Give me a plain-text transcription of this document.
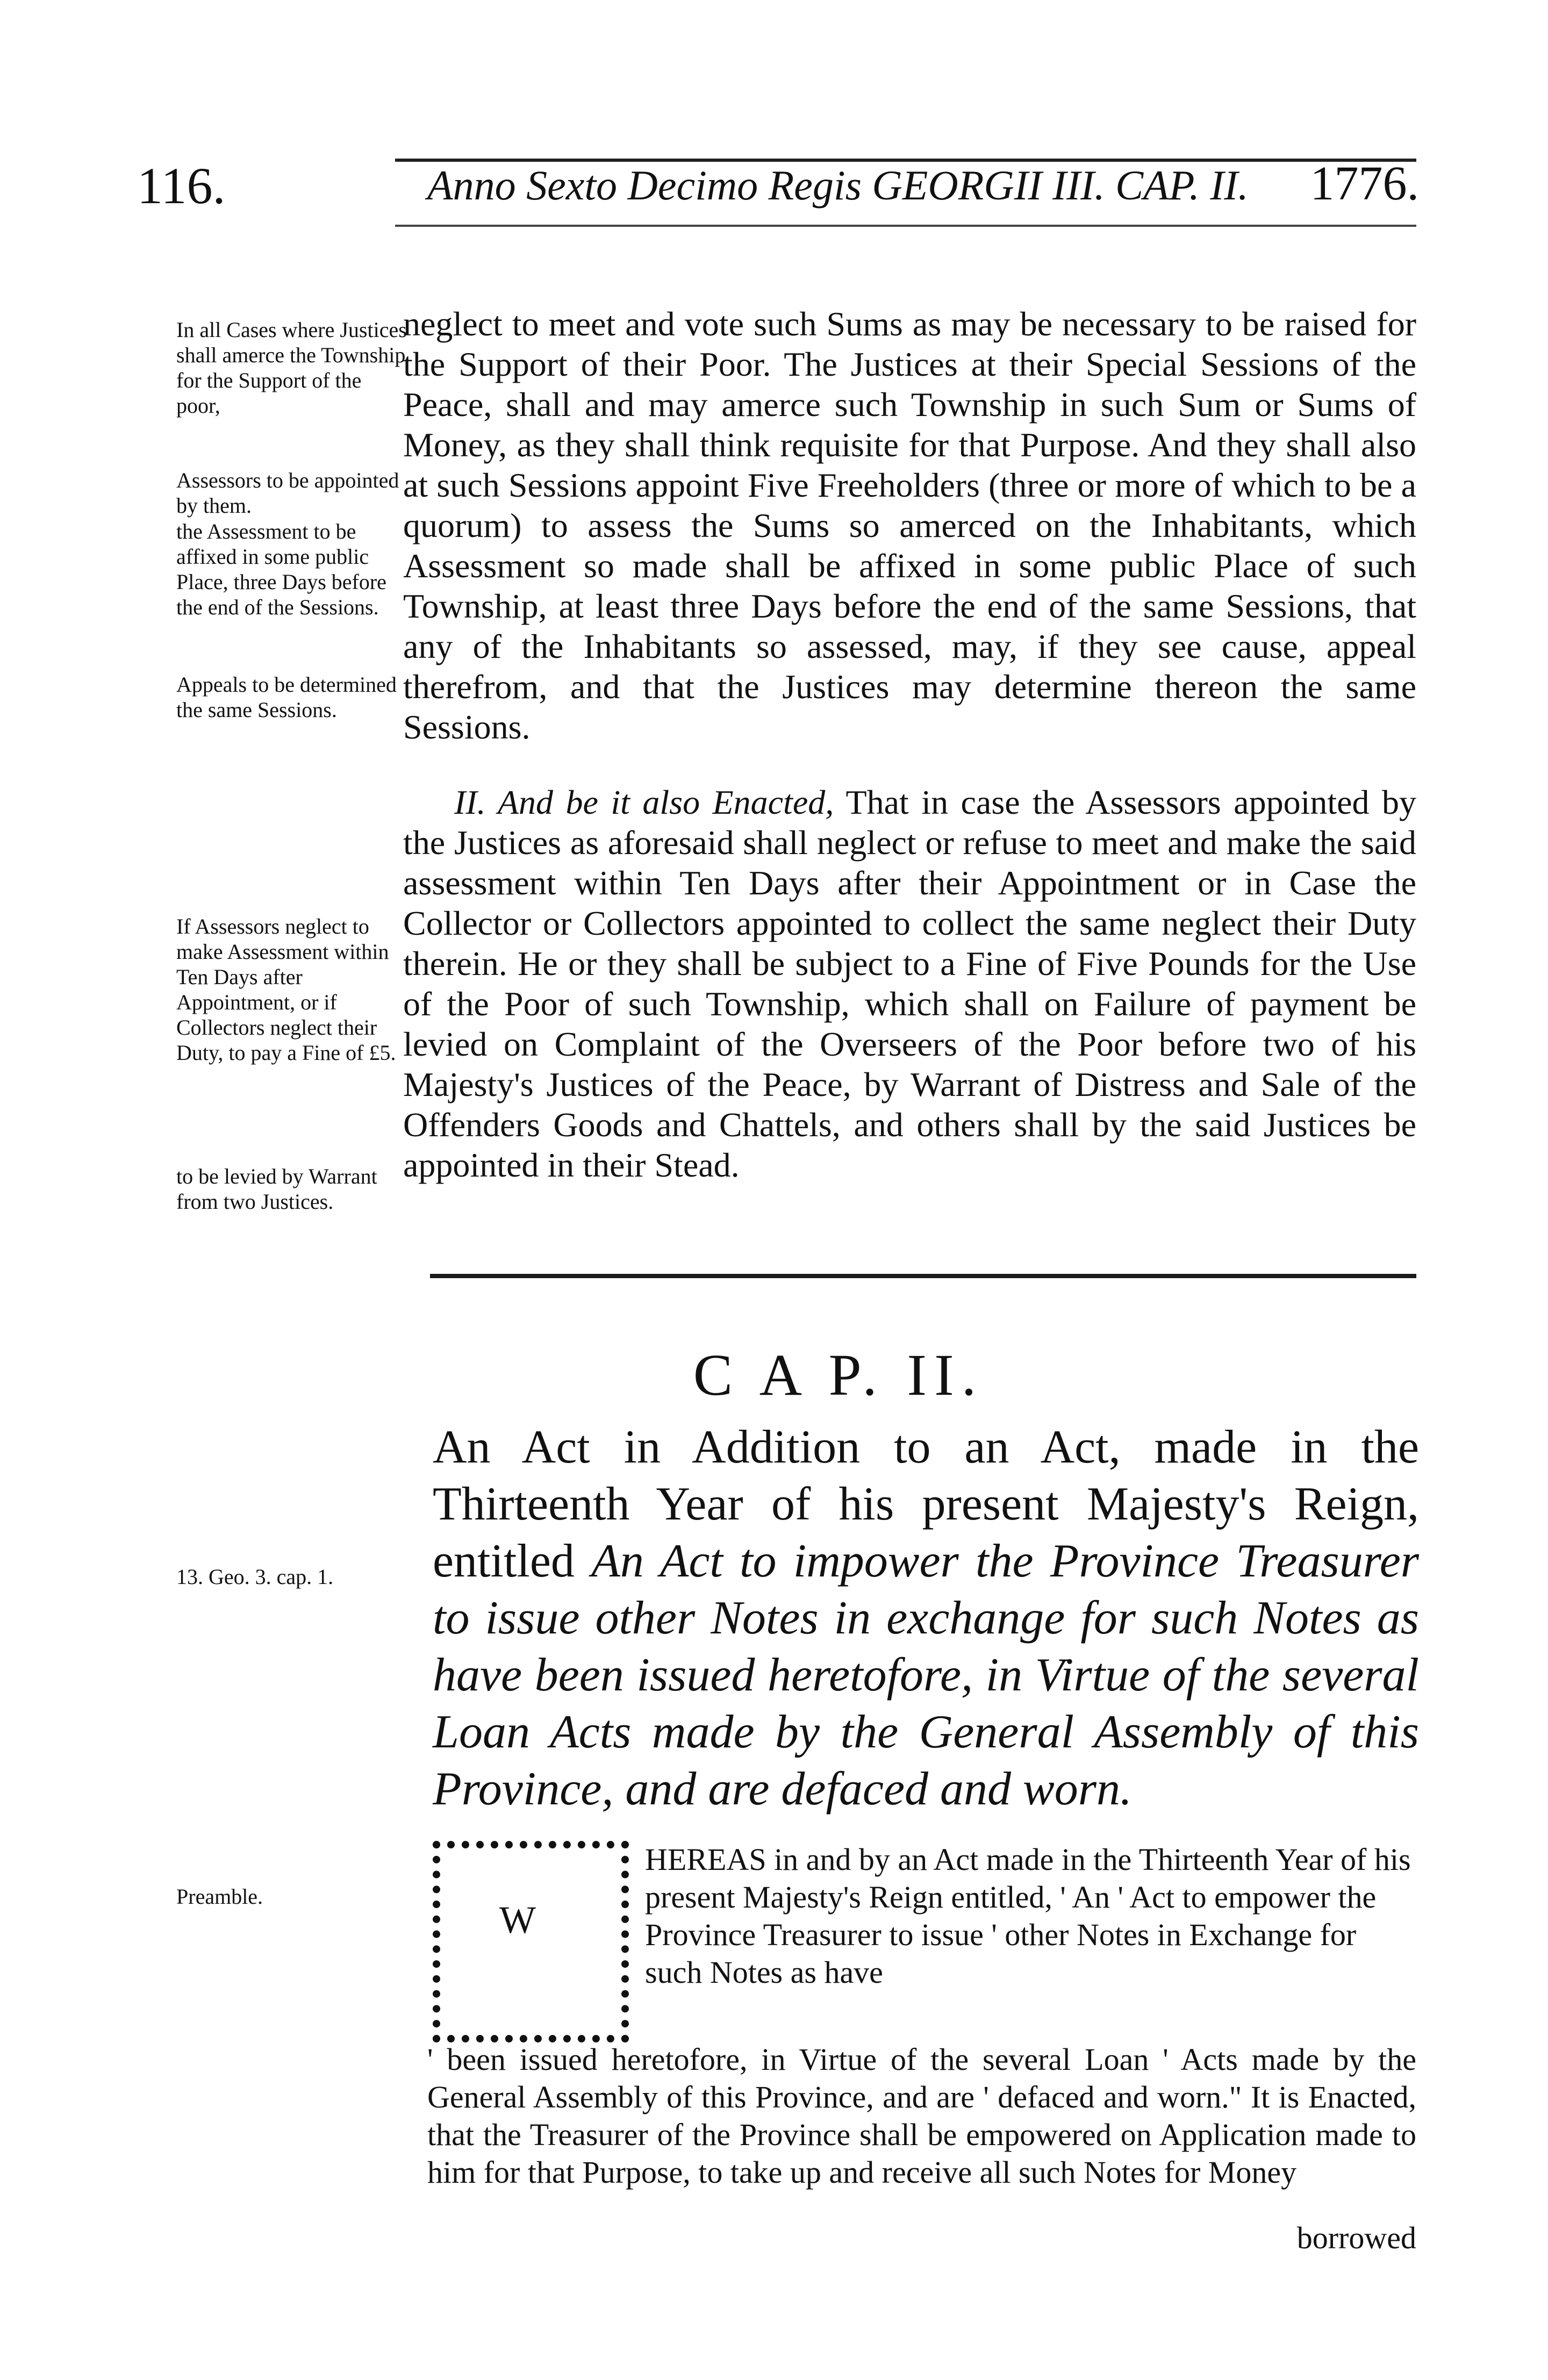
116.	Anno Sexto Decimo Regis GEORGII III. CAP. II. 1776.
In all Cases where Justices shall amerce the Township for the Support of the poor,
Assessors to be appointed by them.
the Assessment to be affixed in some public Place, three Days before the end of the Sessions.
Appeals to be determined the same Sessions.
If Assessors neglect to make Assessment within Ten Days after Appointment, or if Collectors neglect their Duty, to pay a Fine of £5.
to be levied by Warrant from two Justices.
13. Geo. 3. cap. 1.
Preamble.

neglect to meet and vote such Sums as may be necessary to be raised for the Support of their Poor. The Justices at their Special Sessions of the Peace, shall and may amerce such Township in such Sum or Sums of Money, as they shall think requisite for that Purpose. And they shall also at such Sessions appoint Five Freeholders (three or more of which to be a quorum) to assess the Sums so amerced on the Inhabitants, which Assessment so made shall be affixed in some public Place of such Township, at least three Days before the end of the same Sessions, that any of the Inhabitants so assessed, may, if they see cause, appeal therefrom, and that the Justices may determine thereon the same Sessions.

II. And be it also Enacted, That in case the Assessors appointed by the Justices as aforesaid shall neglect or refuse to meet and make the said assessment within Ten Days after their Appointment or in Case the Collector or Collectors appointed to collect the same neglect their Duty therein. He or they shall be subject to a Fine of Five Pounds for the Use of the Poor of such Township, which shall on Failure of payment be levied on Complaint of the Overseers of the Poor before two of his Majesty's Justices of the Peace, by Warrant of Distress and Sale of the Offenders Goods and Chattels, and others shall by the said Justices be appointed in their Stead.

C A P. II.
An Act in Addition to an Act, made in the Thirteenth Year of his present Majesty's Reign, entitled An Act to impower the Province Treasurer to issue other Notes in exchange for such Notes as have been issued heretofore, in Virtue of the several Loan Acts made by the General Assembly of this Province, and are defaced and worn.
W
HEREAS in and by an Act made in the Thirteenth Year of his present Majesty's Reign entitled, ' An ' Act to empower the Province Treasurer to issue ' other Notes in Exchange for such Notes as have
' been issued heretofore, in Virtue of the several Loan ' Acts made by the General Assembly of this Province, and are ' defaced and worn." It is Enacted, that the Treasurer of the Province shall be empowered on Application made to him for that Purpose, to take up and receive all such Notes for Money
borrowed
